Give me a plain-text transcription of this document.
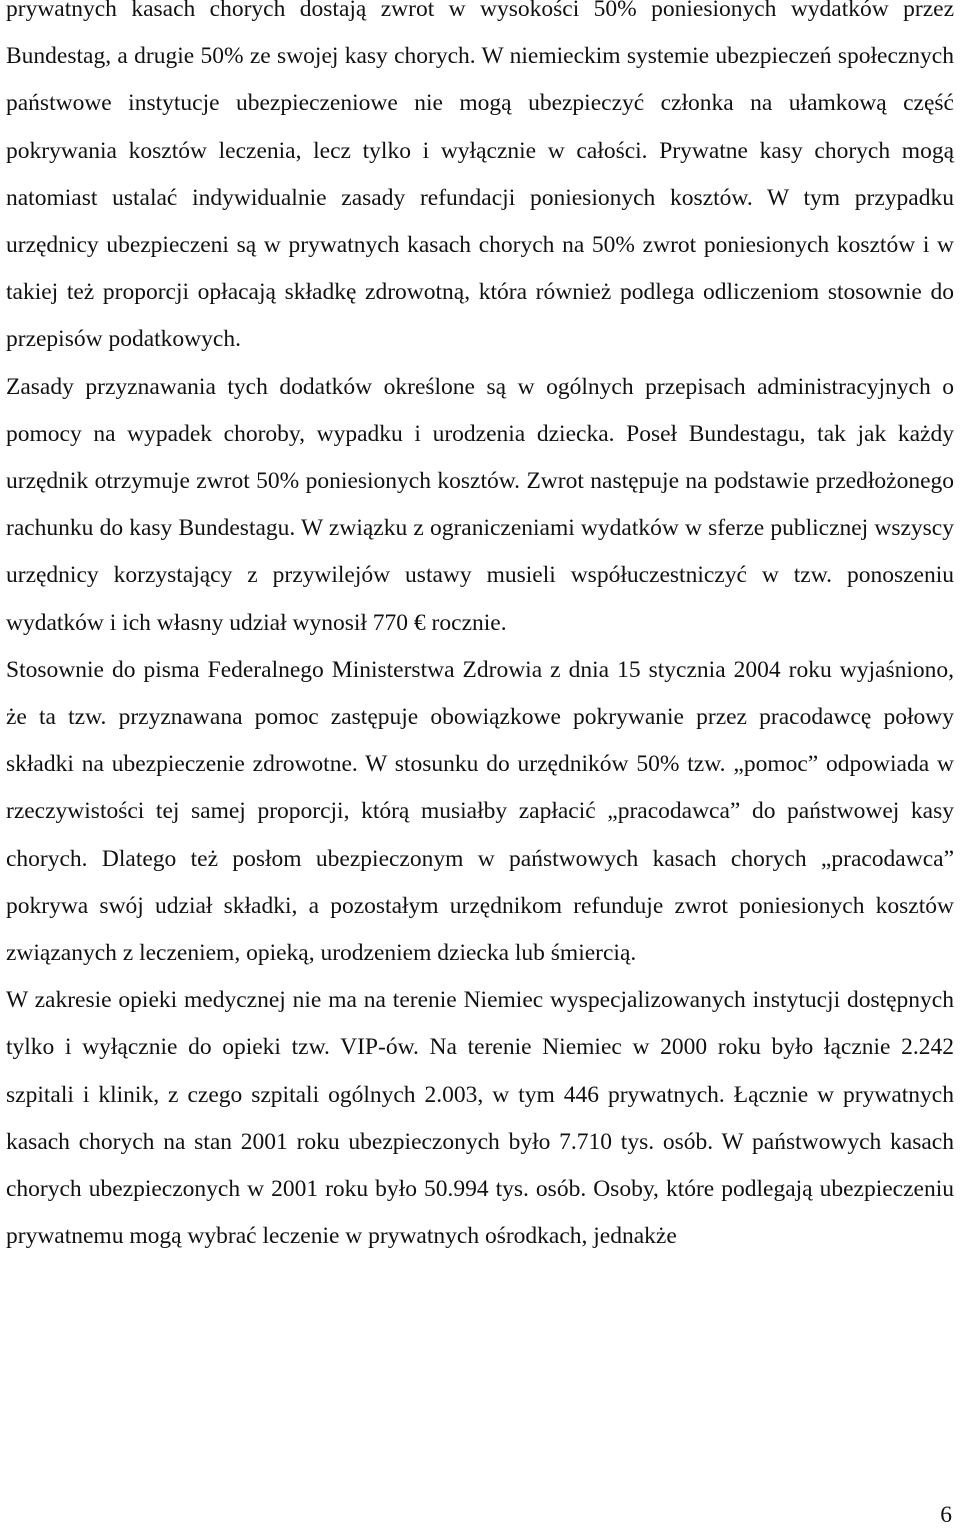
prywatnych kasach chorych dostają zwrot w wysokości 50% poniesionych wydatków przez Bundestag, a drugie 50% ze swojej kasy chorych. W niemieckim systemie ubezpieczeń społecznych państwowe instytucje ubezpieczeniowe nie mogą ubezpieczyć członka na ułamkową część pokrywania kosztów leczenia, lecz tylko i wyłącznie w całości. Prywatne kasy chorych mogą natomiast ustalać indywidualnie zasady refundacji poniesionych kosztów. W tym przypadku urzędnicy ubezpieczeni są w prywatnych kasach chorych na 50% zwrot poniesionych kosztów i w takiej też proporcji opłacają składkę zdrowotną, która również podlega odliczeniom stosownie do przepisów podatkowych.

Zasady przyznawania tych dodatków określone są w ogólnych przepisach administracyjnych o pomocy na wypadek choroby, wypadku i urodzenia dziecka. Poseł Bundestagu, tak jak każdy urzędnik otrzymuje zwrot 50% poniesionych kosztów. Zwrot następuje na podstawie przedłożonego rachunku do kasy Bundestagu. W związku z ograniczeniami wydatków w sferze publicznej wszyscy urzędnicy korzystający z przywilejów ustawy musieli współuczestniczyć w tzw. ponoszeniu wydatków i ich własny udział wynosił 770 € rocznie.

Stosownie do pisma Federalnego Ministerstwa Zdrowia z dnia 15 stycznia 2004 roku wyjaśniono, że ta tzw. przyznawana pomoc zastępuje obowiązkowe pokrywanie przez pracodawcę połowy składki na ubezpieczenie zdrowotne. W stosunku do urzędników 50% tzw. „pomoc” odpowiada w rzeczywistości tej samej proporcji, którą musiałby zapłacić „pracodawca” do państwowej kasy chorych. Dlatego też posłom ubezpieczonym w państwowych kasach chorych „pracodawca” pokrywa swój udział składki, a pozostałym urzędnikom refunduje zwrot poniesionych kosztów związanych z leczeniem, opieką, urodzeniem dziecka lub śmiercią.

W zakresie opieki medycznej nie ma na terenie Niemiec wyspecjalizowanych instytucji dostępnych tylko i wyłącznie do opieki tzw. VIP-ów. Na terenie Niemiec w 2000 roku było łącznie 2.242 szpitali i klinik, z czego szpitali ogólnych 2.003, w tym 446 prywatnych. Łącznie w prywatnych kasach chorych na stan 2001 roku ubezpieczonych było 7.710 tys. osób. W państwowych kasach chorych ubezpieczonych w 2001 roku było 50.994 tys. osób. Osoby, które podlegają ubezpieczeniu prywatnemu mogą wybrać leczenie w prywatnych ośrodkach, jednakże

6
